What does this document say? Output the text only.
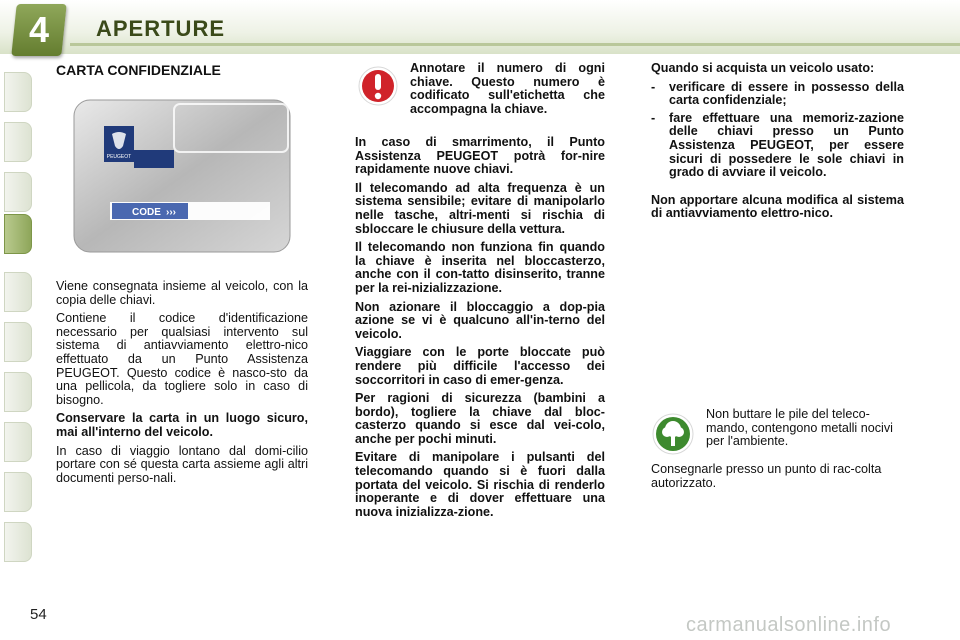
4	APERTURE
CARTA CONFIDENZIALE
PEUGEOT
CODE ›››

Viene consegnata insieme al veicolo, con la copia delle chiavi.

Contiene il codice d'identificazione necessario per qualsiasi intervento sul sistema di antiavviamento elettro-nico effettuato da un Punto Assistenza PEUGEOT. Questo codice è nasco-sto da una pellicola, da togliere solo in caso di bisogno.

Conservare la carta in un luogo sicuro, mai all'interno del veicolo.

In caso di viaggio lontano dal domi-cilio portare con sé questa carta assieme agli altri documenti perso-nali.

Annotare il numero di ogni chiave. Questo numero è codificato sull'etichetta che accompagna la chiave.

In caso di smarrimento, il Punto Assistenza PEUGEOT potrà for-nire rapidamente nuove chiavi.

Il telecomando ad alta frequenza è un sistema sensibile; evitare di manipolarlo nelle tasche, altri-menti si rischia di sbloccare le chiusure della vettura.

Il telecomando non funziona fin quando la chiave è inserita nel bloccasterzo, anche con il con-tatto disinserito, tranne per la rei-nizializzazione.

Non azionare il bloccaggio a dop-pia azione se vi è qualcuno all'in-terno del veicolo.

Viaggiare con le porte bloccate può rendere più difficile l'accesso dei soccorritori in caso di emer-genza.

Per ragioni di sicurezza (bambini a bordo), togliere la chiave dal bloc-casterzo quando si esce dal vei-colo, anche per pochi minuti.

Evitare di manipolare i pulsanti del telecomando quando si è fuori dalla portata del veicolo. Si rischia di renderlo inoperante e di dover effettuare una nuova inizializza-zione.

Quando si acquista un veicolo usato:

-	verificare di essere in possesso della carta confidenziale;
-	fare effettuare una memoriz-zazione delle chiavi presso un Punto Assistenza PEUGEOT, per essere sicuri di possedere le sole chiavi in grado di avviare il veicolo.

Non apportare alcuna modifica al sistema di antiavviamento elettro-nico.

Non buttare le pile del teleco-mando, contengono metalli nocivi per l'ambiente.

Consegnarle presso un punto di rac-colta autorizzato.

54	carmanualsonline.info
